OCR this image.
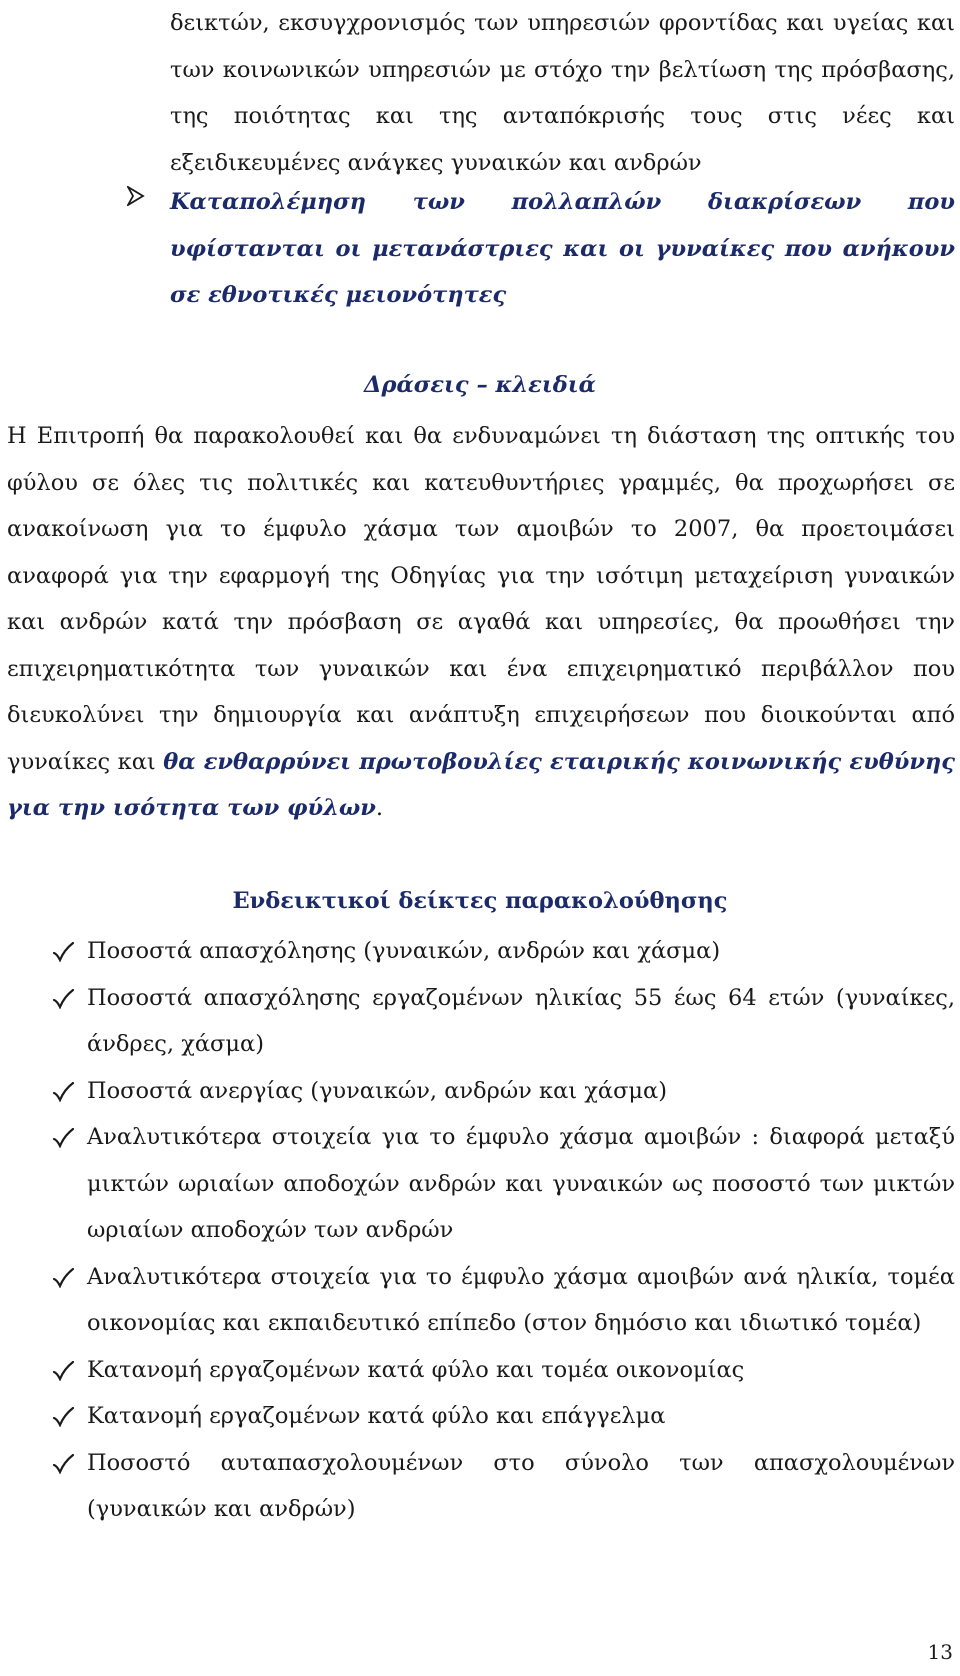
δεικτών, εκσυγχρονισμός των υπηρεσιών φροντίδας και υγείας και των κοινωνικών υπηρεσιών με στόχο την βελτίωση της πρόσβασης, της ποιότητας και της ανταπόκρισής τους στις νέες και εξειδικευμένες ανάγκες γυναικών και ανδρών

Καταπολέμηση των πολλαπλών διακρίσεων που υφίστανται οι μετανάστριες και οι γυναίκες που ανήκουν σε εθνοτικές μειονότητες

Δράσεις – κλειδιά

Η Επιτροπή θα παρακολουθεί και θα ενδυναμώνει τη διάσταση της οπτικής του φύλου σε όλες τις πολιτικές και κατευθυντήριες γραμμές, θα προχωρήσει σε ανακοίνωση για το έμφυλο χάσμα των αμοιβών το 2007, θα προετοιμάσει αναφορά για την εφαρμογή της Οδηγίας για την ισότιμη μεταχείριση γυναικών και ανδρών κατά την πρόσβαση σε αγαθά και υπηρεσίες, θα προωθήσει την επιχειρηματικότητα των γυναικών και ένα επιχειρηματικό περιβάλλον που διευκολύνει την δημιουργία και ανάπτυξη επιχειρήσεων που διοικούνται από γυναίκες και θα ενθαρρύνει πρωτοβουλίες εταιρικής κοινωνικής ευθύνης για την ισότητα των φύλων.

Ενδεικτικοί δείκτες παρακολούθησης

Ποσοστά απασχόλησης (γυναικών, ανδρών και χάσμα)
Ποσοστά απασχόλησης εργαζομένων ηλικίας 55 έως 64 ετών (γυναίκες, άνδρες, χάσμα)
Ποσοστά ανεργίας (γυναικών, ανδρών και χάσμα)
Αναλυτικότερα στοιχεία για το έμφυλο χάσμα αμοιβών : διαφορά μεταξύ μικτών ωριαίων αποδοχών ανδρών και γυναικών ως ποσοστό των μικτών ωριαίων αποδοχών των ανδρών
Αναλυτικότερα στοιχεία για το έμφυλο χάσμα αμοιβών ανά ηλικία, τομέα οικονομίας και εκπαιδευτικό επίπεδο (στον δημόσιο και ιδιωτικό τομέα)
Κατανομή εργαζομένων κατά φύλο και τομέα οικονομίας
Κατανομή εργαζομένων κατά φύλο και επάγγελμα
Ποσοστό αυταπασχολουμένων στο σύνολο των απασχολουμένων (γυναικών και ανδρών)

13
